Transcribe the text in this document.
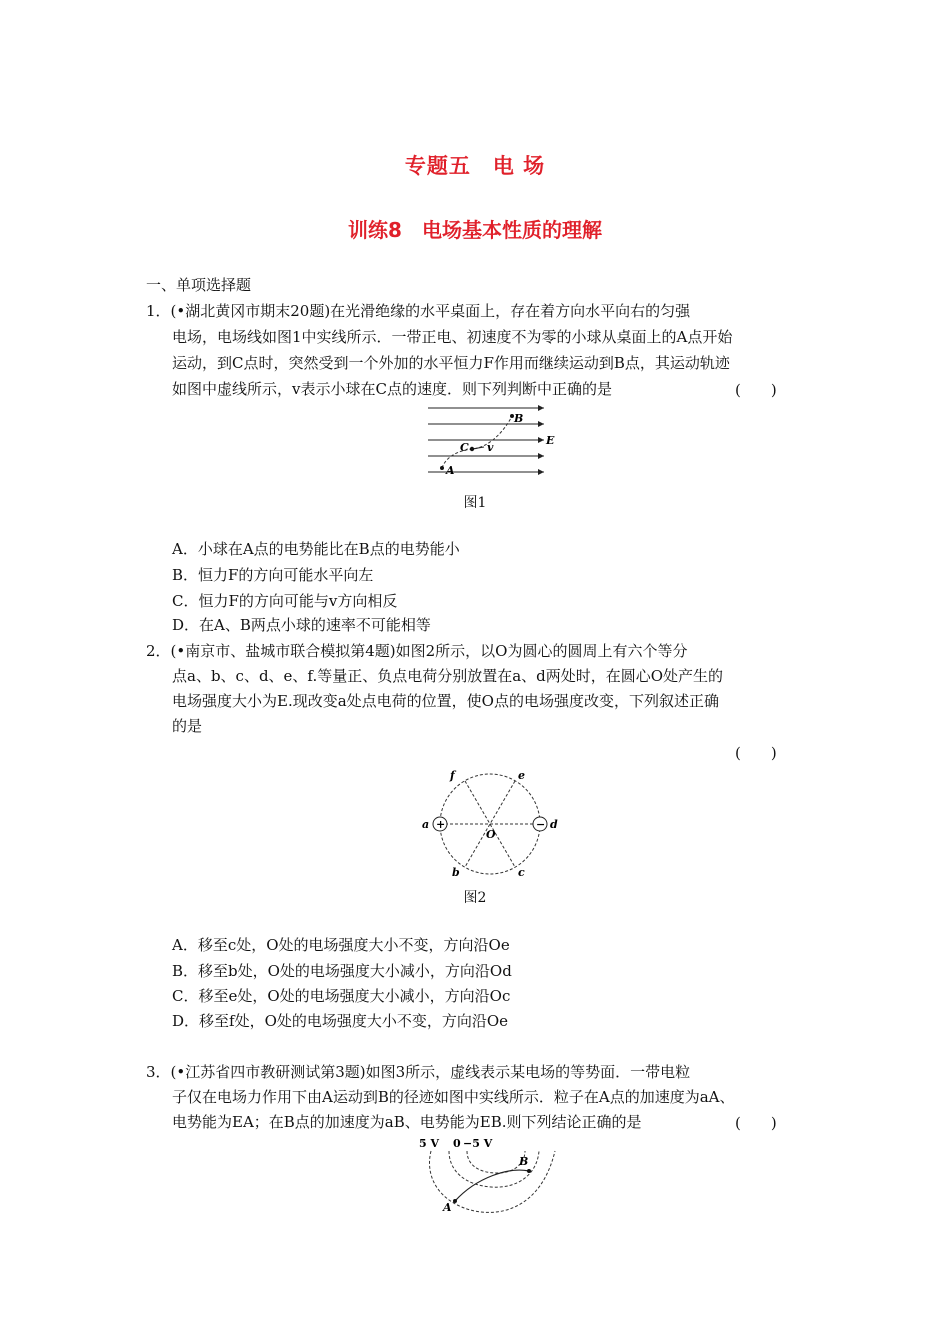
专题五　电 场
训练8　电场基本性质的理解
一、单项选择题
1．(•湖北黄冈市期末20题)在光滑绝缘的水平桌面上，存在着方向水平向右的匀强
电场，电场线如图1中实线所示．一带正电、初速度不为零的小球从桌面上的A点开始
运动，到C点时，突然受到一个外加的水平恒力F作用而继续运动到B点，其运动轨迹
如图中虚线所示，v表示小球在C点的速度．则下列判断中正确的是	(　　)
B
C v
E
A
图1
A．小球在A点的电势能比在B点的电势能小
B．恒力F的方向可能水平向左
C．恒力F的方向可能与v方向相反
D．在A、B两点小球的速率不可能相等
2．(•南京市、盐城市联合模拟第4题)如图2所示，以O为圆心的圆周上有六个等分
点a、b、c、d、e、f.等量正、负点电荷分别放置在a、d两处时，在圆心O处产生的
电场强度大小为E.现改变a处点电荷的位置，使O点的电场强度改变，下列叙述正确
的是
(　　)
+	−
f	e
a
O
d
b	c
图2
A．移至c处，O处的电场强度大小不变，方向沿Oe
B．移至b处，O处的电场强度大小减小，方向沿Od
C．移至e处，O处的电场强度大小减小，方向沿Oc
D．移至f处，O处的电场强度大小不变，方向沿Oe
3．(•江苏省四市教研测试第3题)如图3所示，虚线表示某电场的等势面．一带电粒
子仅在电场力作用下由A运动到B的径迹如图中实线所示．粒子在A点的加速度为aA、
电势能为EA；在B点的加速度为aB、电势能为EB.则下列结论正确的是	(　　)
5 V 0 −5 V
B
A
